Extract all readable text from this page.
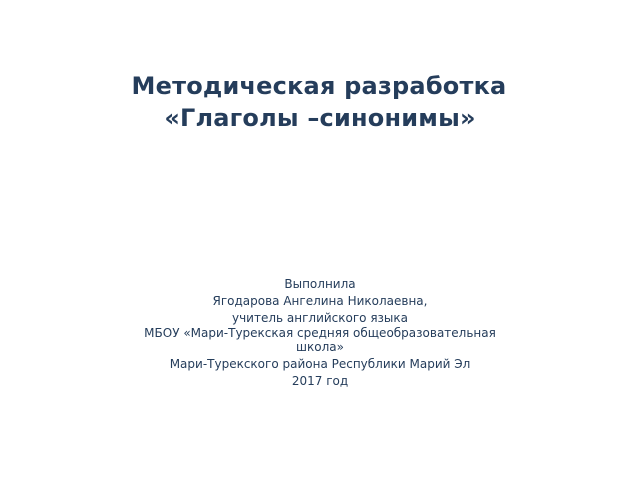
Методическая разработка
«Глаголы –синонимы»
Выполнила
Ягодарова Ангелина Николаевна,
учитель английского языка
МБОУ «Мари-Турекская средняя общеобразовательная
школа»
Мари-Турекского района Республики Марий Эл
2017 год
